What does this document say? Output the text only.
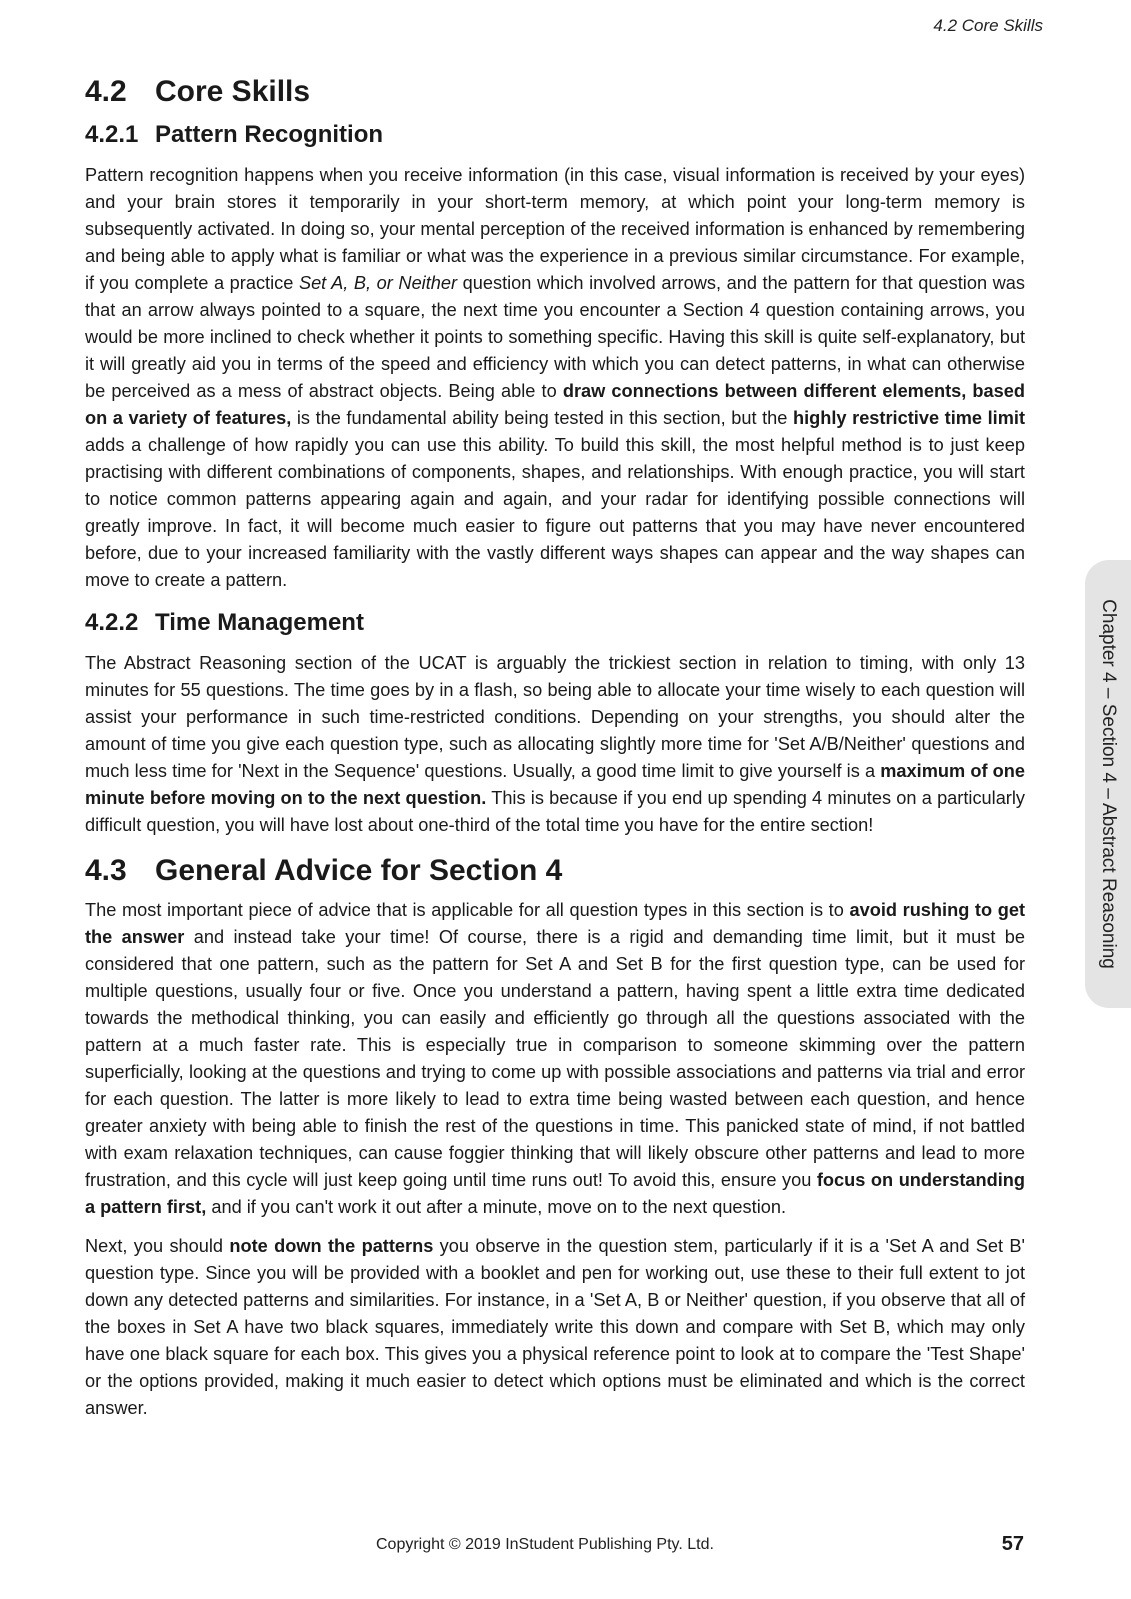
4.2 Core Skills
4.2 Core Skills
4.2.1 Pattern Recognition

Pattern recognition happens when you receive information (in this case, visual information is received by your eyes) and your brain stores it temporarily in your short-term memory, at which point your long-term memory is subsequently activated. In doing so, your mental perception of the received information is enhanced by remembering and being able to apply what is familiar or what was the experience in a previous similar circumstance. For example, if you complete a practice Set A, B, or Neither question which involved arrows, and the pattern for that question was that an arrow always pointed to a square, the next time you encounter a Section 4 question containing arrows, you would be more inclined to check whether it points to something specific. Having this skill is quite self-explanatory, but it will greatly aid you in terms of the speed and efficiency with which you can detect patterns, in what can otherwise be perceived as a mess of abstract objects. Being able to draw connections between different elements, based on a variety of features, is the fundamental ability being tested in this section, but the highly restrictive time limit adds a challenge of how rapidly you can use this ability. To build this skill, the most helpful method is to just keep practising with different combinations of components, shapes, and relationships. With enough practice, you will start to notice common patterns appearing again and again, and your radar for identifying possible connections will greatly improve. In fact, it will become much easier to figure out patterns that you may have never encountered before, due to your increased familiarity with the vastly different ways shapes can appear and the way shapes can move to create a pattern.

4.2.2 Time Management

The Abstract Reasoning section of the UCAT is arguably the trickiest section in relation to timing, with only 13 minutes for 55 questions. The time goes by in a flash, so being able to allocate your time wisely to each question will assist your performance in such time-restricted conditions. Depending on your strengths, you should alter the amount of time you give each question type, such as allocating slightly more time for 'Set A/B/Neither' questions and much less time for 'Next in the Sequence' questions. Usually, a good time limit to give yourself is a maximum of one minute before moving on to the next question. This is because if you end up spending 4 minutes on a particularly difficult question, you will have lost about one-third of the total time you have for the entire section!

4.3 General Advice for Section 4

The most important piece of advice that is applicable for all question types in this section is to avoid rushing to get the answer and instead take your time! Of course, there is a rigid and demanding time limit, but it must be considered that one pattern, such as the pattern for Set A and Set B for the first question type, can be used for multiple questions, usually four or five. Once you understand a pattern, having spent a little extra time dedicated towards the methodical thinking, you can easily and efficiently go through all the questions associated with the pattern at a much faster rate. This is especially true in comparison to someone skimming over the pattern superficially, looking at the questions and trying to come up with possible associations and patterns via trial and error for each question. The latter is more likely to lead to extra time being wasted between each question, and hence greater anxiety with being able to finish the rest of the questions in time. This panicked state of mind, if not battled with exam relaxation techniques, can cause foggier thinking that will likely obscure other patterns and lead to more frustration, and this cycle will just keep going until time runs out! To avoid this, ensure you focus on understanding a pattern first, and if you can't work it out after a minute, move on to the next question.

Next, you should note down the patterns you observe in the question stem, particularly if it is a 'Set A and Set B' question type. Since you will be provided with a booklet and pen for working out, use these to their full extent to jot down any detected patterns and similarities. For instance, in a 'Set A, B or Neither' question, if you observe that all of the boxes in Set A have two black squares, immediately write this down and compare with Set B, which may only have one black square for each box. This gives you a physical reference point to look at to compare the 'Test Shape' or the options provided, making it much easier to detect which options must be eliminated and which is the correct answer.

Chapter 4 – Section 4 – Abstract Reasoning
Copyright © 2019 InStudent Publishing Pty. Ltd.	57
